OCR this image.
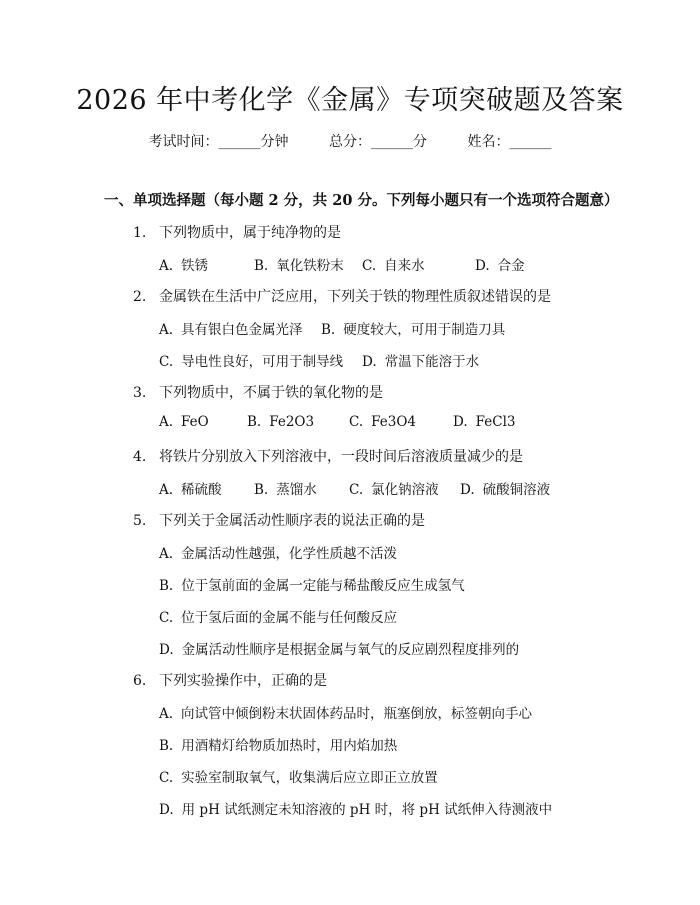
2026 年中考化学《金属》专项突破题及答案
考试时间：______分钟	总分：______分	姓名：______
一、单项选择题（每小题 2 分，共 20 分。下列每小题只有一个选项符合题意）
1. 下列物质中，属于纯净物的是
A. 铁锈	B. 氧化铁粉末 C. 自来水	D. 合金
2. 金属铁在生活中广泛应用，下列关于铁的物理性质叙述错误的是
A. 具有银白色金属光泽 B. 硬度较大，可用于制造刀具
C. 导电性良好，可用于制导线 D. 常温下能溶于水
3. 下列物质中，不属于铁的氧化物的是
A. FeO	B. Fe2O3	C. Fe3O4	D. FeCl3
4. 将铁片分别放入下列溶液中，一段时间后溶液质量减少的是
A. 稀硫酸 B. 蒸馏水 C. 氯化钠溶液 D. 硫酸铜溶液
5. 下列关于金属活动性顺序表的说法正确的是
A. 金属活动性越强，化学性质越不活泼
B. 位于氢前面的金属一定能与稀盐酸反应生成氢气
C. 位于氢后面的金属不能与任何酸反应
D. 金属活动性顺序是根据金属与氧气的反应剧烈程度排列的
6. 下列实验操作中，正确的是
A. 向试管中倾倒粉末状固体药品时，瓶塞倒放，标签朝向手心
B. 用酒精灯给物质加热时，用内焰加热
C. 实验室制取氧气，收集满后应立即正立放置
D. 用 pH 试纸测定未知溶液的 pH 时，将 pH 试纸伸入待测液中
